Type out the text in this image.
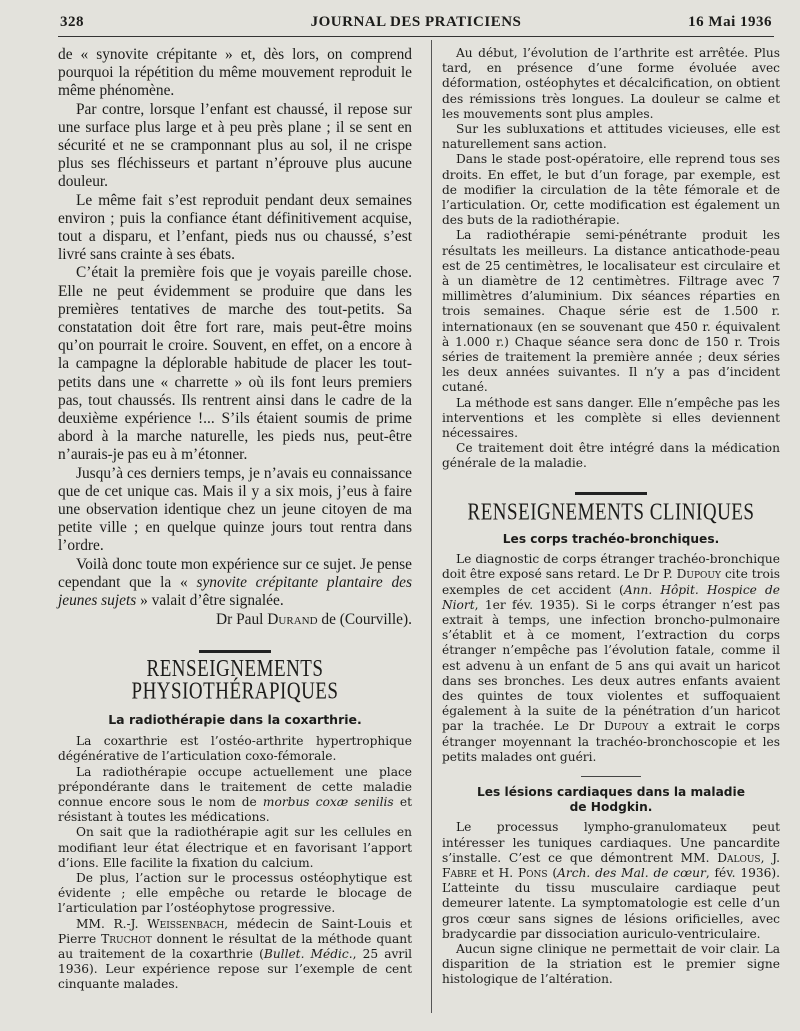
328	JOURNAL DES PRATICIENS	16 Mai 1936

de « synovite crépitante » et, dès lors, on comprend pourquoi la répétition du même mouvement reproduit le même phénomène.

Par contre, lorsque l’enfant est chaussé, il repose sur une surface plus large et à peu près plane ; il se sent en sécurité et ne se cramponnant plus au sol, il ne crispe plus ses fléchisseurs et partant n’éprouve plus aucune douleur.

Le même fait s’est reproduit pendant deux semaines environ ; puis la confiance étant définitivement acquise, tout a disparu, et l’enfant, pieds nus ou chaussé, s’est livré sans crainte à ses ébats.

C’était la première fois que je voyais pareille chose. Elle ne peut évidemment se produire que dans les premières tentatives de marche des tout-petits. Sa constatation doit être fort rare, mais peut-être moins qu’on pourrait le croire. Souvent, en effet, on a encore à la campagne la déplorable habitude de placer les tout-petits dans une « charrette » où ils font leurs premiers pas, tout chaussés. Ils rentrent ainsi dans le cadre de la deuxième expérience !... S’ils étaient soumis de prime abord à la marche naturelle, les pieds nus, peut-être n’aurais-je pas eu à m’étonner.

Jusqu’à ces derniers temps, je n’avais eu connaissance que de cet unique cas. Mais il y a six mois, j’eus à faire une observation identique chez un jeune citoyen de ma petite ville ; en quelque quinze jours tout rentra dans l’ordre.

Voilà donc toute mon expérience sur ce sujet. Je pense cependant que la « synovite crépitante plantaire des jeunes sujets » valait d’être signalée.

Dr Paul Durand de (Courville).

RENSEIGNEMENTS PHYSIOTHÉRAPIQUES
La radiothérapie dans la coxarthrie.

La coxarthrie est l’ostéo-arthrite hypertrophique dégénérative de l’articulation coxo-fémorale.

La radiothérapie occupe actuellement une place prépondérante dans le traitement de cette maladie connue encore sous le nom de morbus coxæ senilis et résistant à toutes les médications.

On sait que la radiothérapie agit sur les cellules en modifiant leur état électrique et en favorisant l’apport d’ions. Elle facilite la fixation du calcium.

De plus, l’action sur le processus ostéophytique est évidente ; elle empêche ou retarde le blocage de l’articulation par l’ostéophytose progressive.

MM. R.-J. Weissenbach, médecin de Saint-Louis et Pierre Truchot donnent le résultat de la méthode quant au traitement de la coxarthrie (Bullet. Médic., 25 avril 1936). Leur expérience repose sur l’exemple de cent cinquante malades.

Au début, l’évolution de l’arthrite est arrêtée. Plus tard, en présence d’une forme évoluée avec déformation, ostéophytes et décalcification, on obtient des rémissions très longues. La douleur se calme et les mouvements sont plus amples.

Sur les subluxations et attitudes vicieuses, elle est naturellement sans action.

Dans le stade post-opératoire, elle reprend tous ses droits. En effet, le but d’un forage, par exemple, est de modifier la circulation de la tête fémorale et de l’articulation. Or, cette modification est également un des buts de la radiothérapie.

La radiothérapie semi-pénétrante produit les résultats les meilleurs. La distance anticathode-peau est de 25 centimètres, le localisateur est circulaire et à un diamètre de 12 centimètres. Filtrage avec 7 millimètres d’aluminium. Dix séances réparties en trois semaines. Chaque série est de 1.500 r. internationaux (en se souvenant que 450 r. équivalent à 1.000 r.) Chaque séance sera donc de 150 r. Trois séries de traitement la première année ; deux séries les deux années suivantes. Il n’y a pas d’incident cutané.

La méthode est sans danger. Elle n’empêche pas les interventions et les complète si elles deviennent nécessaires.

Ce traitement doit être intégré dans la médication générale de la maladie.

RENSEIGNEMENTS CLINIQUES
Les corps trachéo-bronchiques.

Le diagnostic de corps étranger trachéo-bronchique doit être exposé sans retard. Le Dr P. Dupouy cite trois exemples de cet accident (Ann. Hôpit. Hospice de Niort, 1er fév. 1935). Si le corps étranger n’est pas extrait à temps, une infection broncho-pulmonaire s’établit et à ce moment, l’extraction du corps étranger n’empêche pas l’évolution fatale, comme il est advenu à un enfant de 5 ans qui avait un haricot dans ses bronches. Les deux autres enfants avaient des quintes de toux violentes et suffoquaient également à la suite de la pénétration d’un haricot par la trachée. Le Dr Dupouy a extrait le corps étranger moyennant la trachéo-bronchoscopie et les petits malades ont guéri.

Les lésions cardiaques dans la maladie
de Hodgkin.

Le processus lympho-granulomateux peut intéresser les tuniques cardiaques. Une pancardite s’installe. C’est ce que démontrent MM. Dalous, J. Fabre et H. Pons (Arch. des Mal. de cœur, fév. 1936). L’atteinte du tissu musculaire cardiaque peut demeurer latente. La symptomatologie est celle d’un gros cœur sans signes de lésions orificielles, avec bradycardie par dissociation auriculo-ventriculaire.

Aucun signe clinique ne permettait de voir clair. La disparition de la striation est le premier signe histologique de l’altération.
